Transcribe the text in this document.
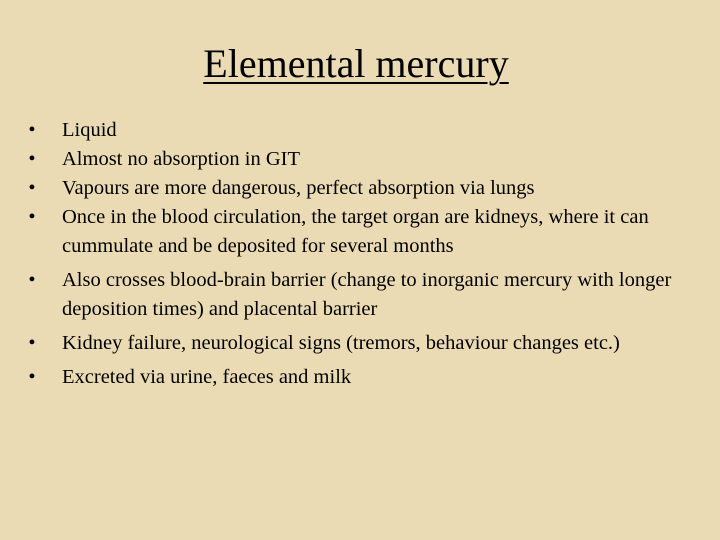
Elemental mercury
• Liquid
• Almost no absorption in GIT
• Vapours are more dangerous, perfect absorption via lungs
• Once in the blood circulation, the target organ are kidneys, where it can cummulate and be deposited for several months
• Also crosses blood-brain barrier (change to inorganic mercury with longer deposition times) and placental barrier
• Kidney failure, neurological signs (tremors, behaviour changes etc.)
• Excreted via urine, faeces and milk
